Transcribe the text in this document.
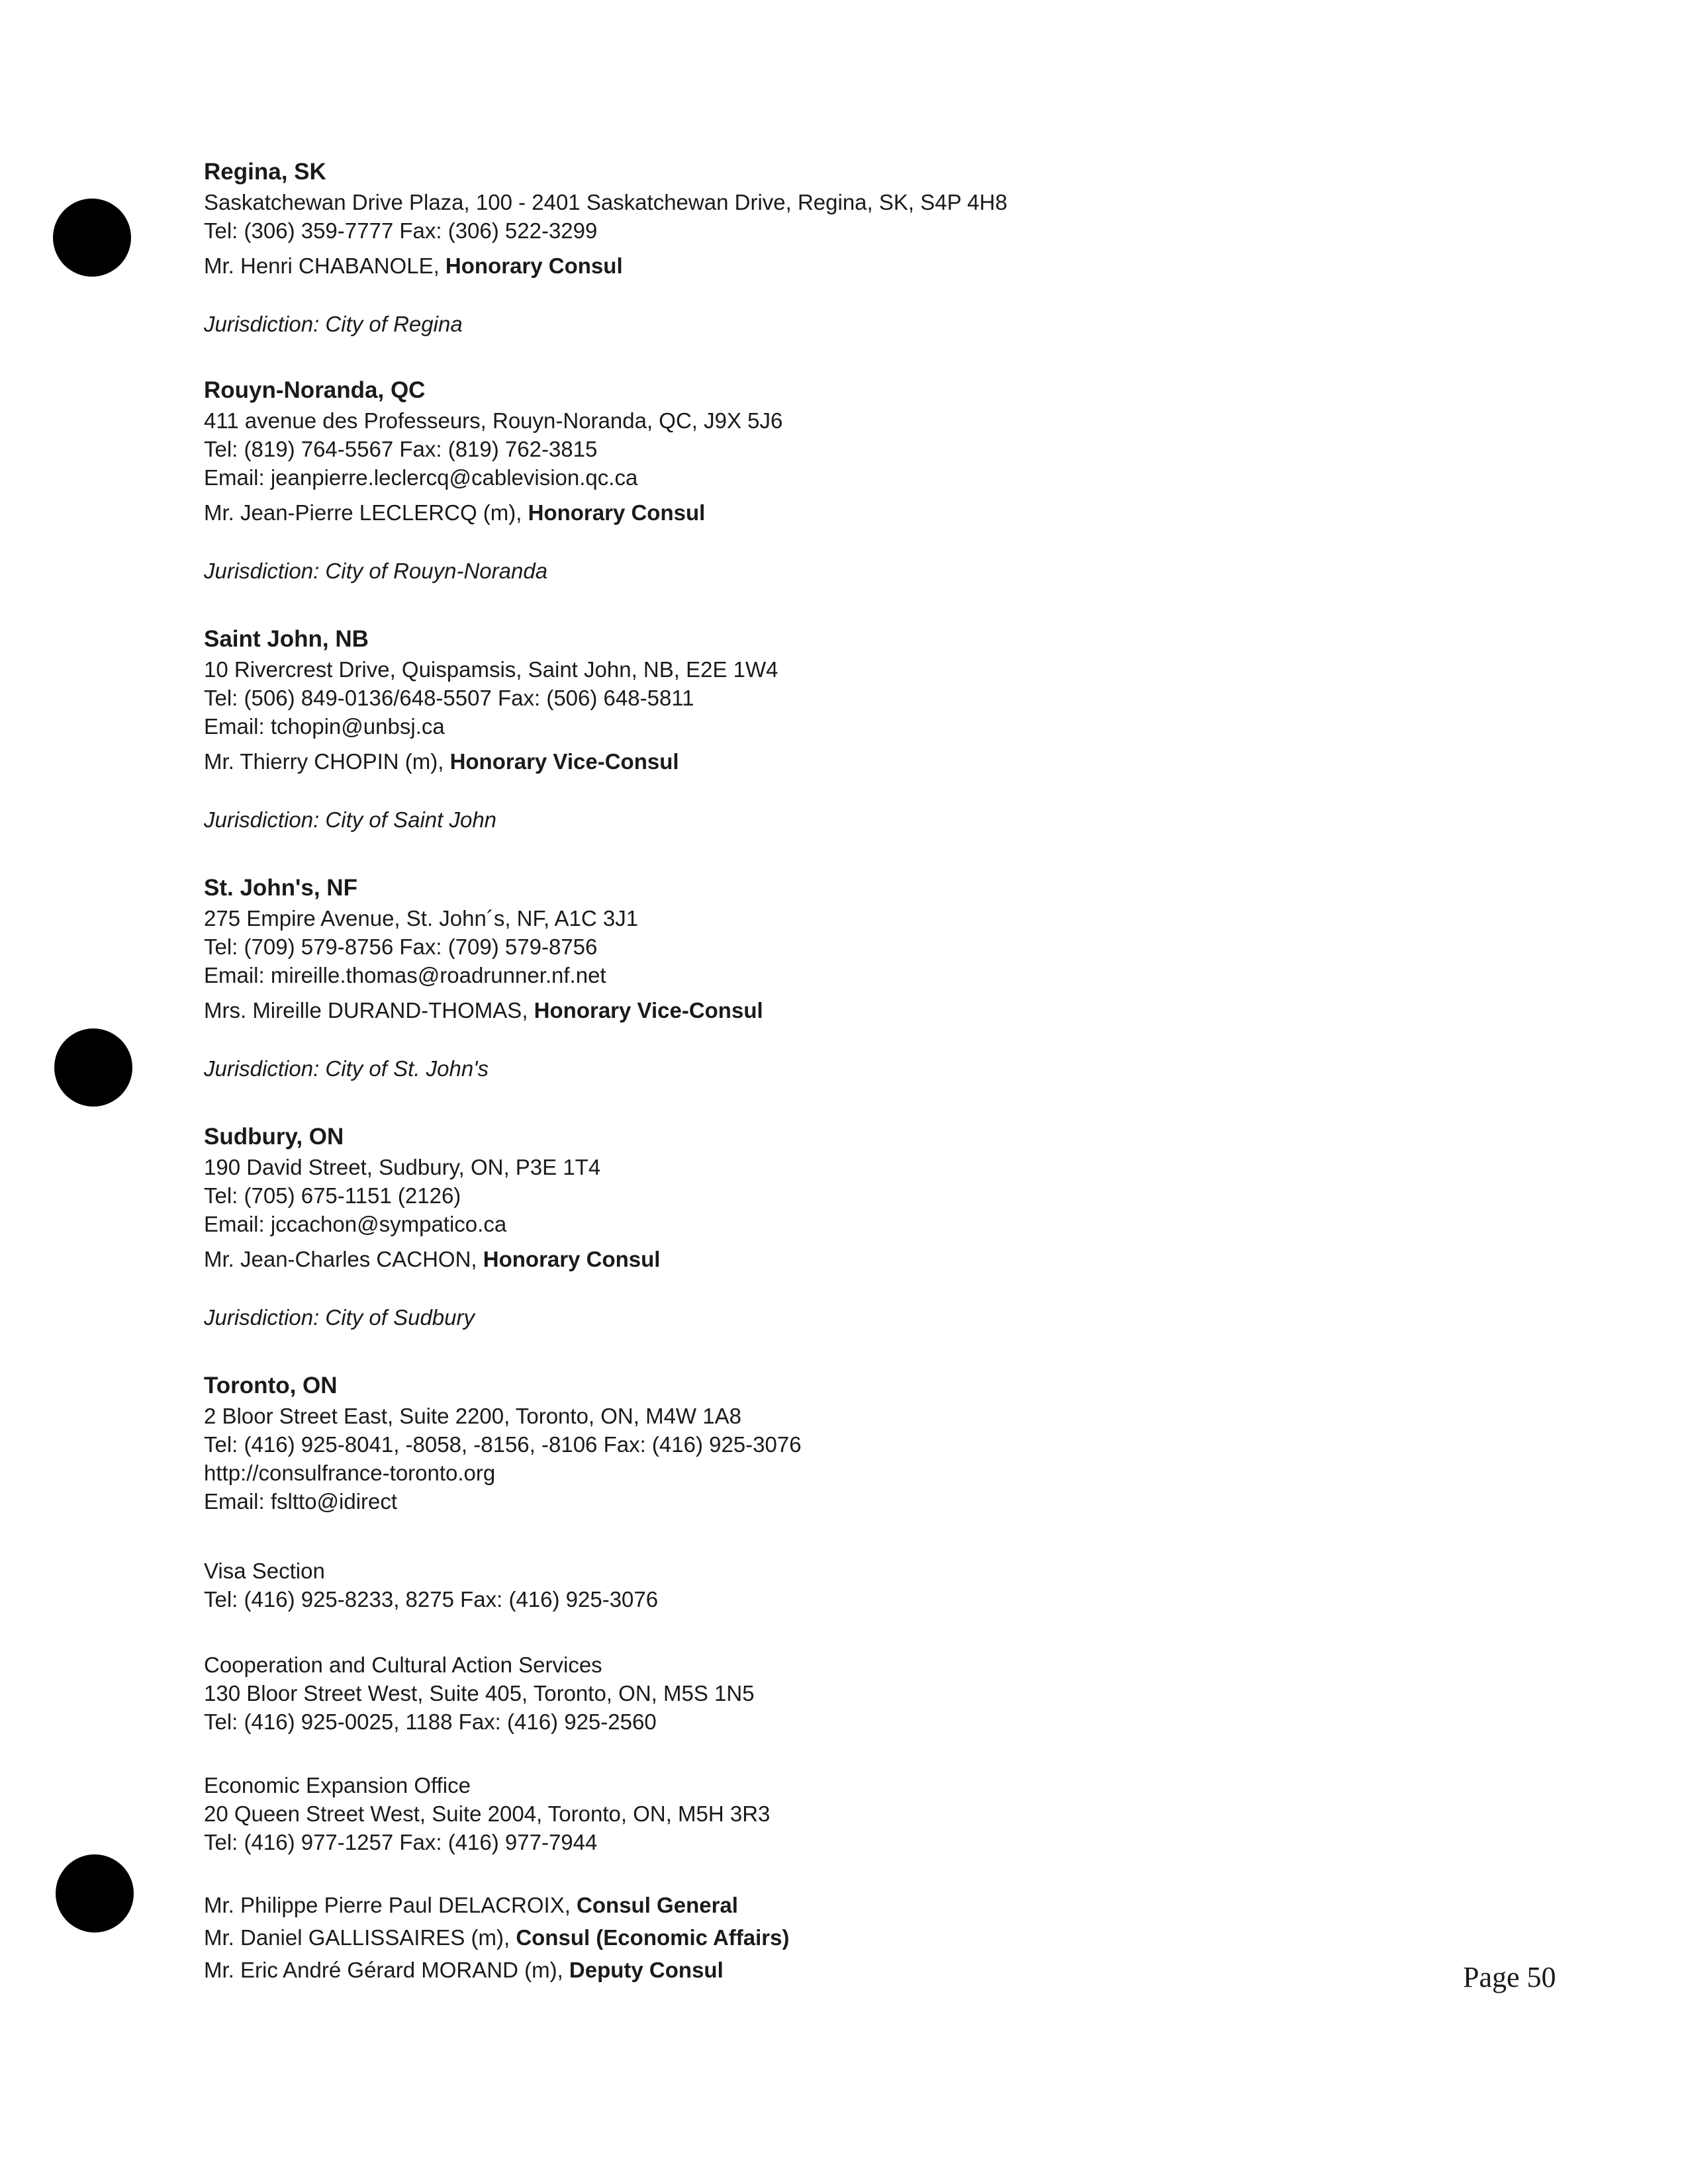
Regina, SK
Saskatchewan Drive Plaza, 100 - 2401 Saskatchewan Drive, Regina, SK, S4P 4H8
Tel: (306) 359-7777 Fax: (306) 522-3299
Mr. Henri CHABANOLE, Honorary Consul
Jurisdiction: City of Regina
Rouyn-Noranda, QC
411 avenue des Professeurs, Rouyn-Noranda, QC, J9X 5J6
Tel: (819) 764-5567 Fax: (819) 762-3815
Email: jeanpierre.leclercq@cablevision.qc.ca
Mr. Jean-Pierre LECLERCQ (m), Honorary Consul
Jurisdiction: City of Rouyn-Noranda
Saint John, NB
10 Rivercrest Drive, Quispamsis, Saint John, NB, E2E 1W4
Tel: (506) 849-0136/648-5507 Fax: (506) 648-5811
Email: tchopin@unbsj.ca
Mr. Thierry CHOPIN (m), Honorary Vice-Consul
Jurisdiction: City of Saint John
St. John's, NF
275 Empire Avenue, St. John´s, NF, A1C 3J1
Tel: (709) 579-8756 Fax: (709) 579-8756
Email: mireille.thomas@roadrunner.nf.net
Mrs. Mireille DURAND-THOMAS, Honorary Vice-Consul
Jurisdiction: City of St. John's
Sudbury, ON
190 David Street, Sudbury, ON, P3E 1T4
Tel: (705) 675-1151 (2126)
Email: jccachon@sympatico.ca
Mr. Jean-Charles CACHON, Honorary Consul
Jurisdiction: City of Sudbury
Toronto, ON
2 Bloor Street East, Suite 2200, Toronto, ON, M4W 1A8
Tel: (416) 925-8041, -8058, -8156, -8106 Fax: (416) 925-3076
http://consulfrance-toronto.org
Email: fsltto@idirect
Visa Section
Tel: (416) 925-8233, 8275 Fax: (416) 925-3076
Cooperation and Cultural Action Services
130 Bloor Street West, Suite 405, Toronto, ON, M5S 1N5
Tel: (416) 925-0025, 1188 Fax: (416) 925-2560
Economic Expansion Office
20 Queen Street West, Suite 2004, Toronto, ON, M5H 3R3
Tel: (416) 977-1257 Fax: (416) 977-7944
Mr. Philippe Pierre Paul DELACROIX, Consul General
Mr. Daniel GALLISSAIRES (m), Consul (Economic Affairs)
Mr. Eric André Gérard MORAND (m), Deputy Consul	Page 50
